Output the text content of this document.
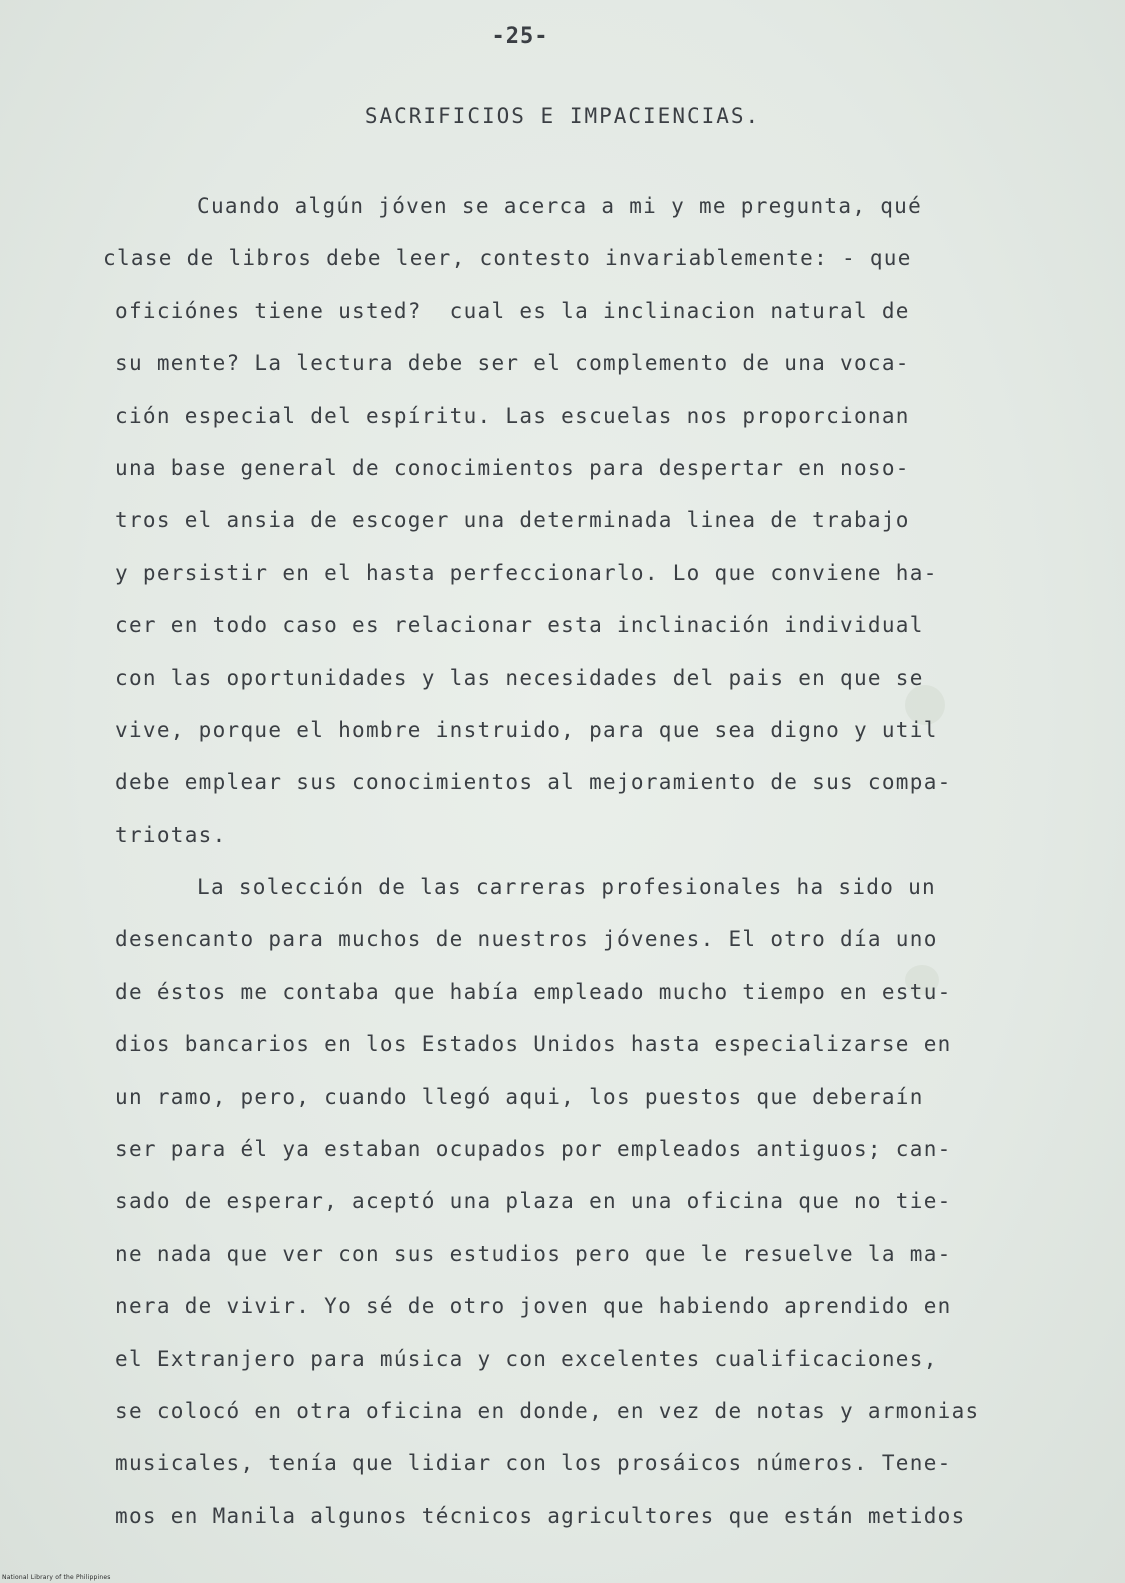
-25-
SACRIFICIOS E IMPACIENCIAS.
Cuando algún jóven se acerca a mi y me pregunta, qué
clase de libros debe leer, contesto invariablemente: - que
oficiónes tiene usted?  cual es la inclinacion natural de
su mente? La lectura debe ser el complemento de una voca-
ción especial del espíritu. Las escuelas nos proporcionan
una base general de conocimientos para despertar en noso-
tros el ansia de escoger una determinada linea de trabajo
y persistir en el hasta perfeccionarlo. Lo que conviene ha-
cer en todo caso es relacionar esta inclinación individual
con las oportunidades y las necesidades del pais en que se
vive, porque el hombre instruido, para que sea digno y util
debe emplear sus conocimientos al mejoramiento de sus compa-
triotas.
La solección de las carreras profesionales ha sido un
desencanto para muchos de nuestros jóvenes. El otro día uno
de éstos me contaba que había empleado mucho tiempo en estu-
dios bancarios en los Estados Unidos hasta especializarse en
un ramo, pero, cuando llegó aqui, los puestos que deberaín
ser para él ya estaban ocupados por empleados antiguos; can-
sado de esperar, aceptó una plaza en una oficina que no tie-
ne nada que ver con sus estudios pero que le resuelve la ma-
nera de vivir. Yo sé de otro joven que habiendo aprendido en
el Extranjero para música y con excelentes cualificaciones,
se colocó en otra oficina en donde, en vez de notas y armonias
musicales, tenía que lidiar con los prosáicos números. Tene-
mos en Manila algunos técnicos agricultores que están metidos
National Library of the Philippines
